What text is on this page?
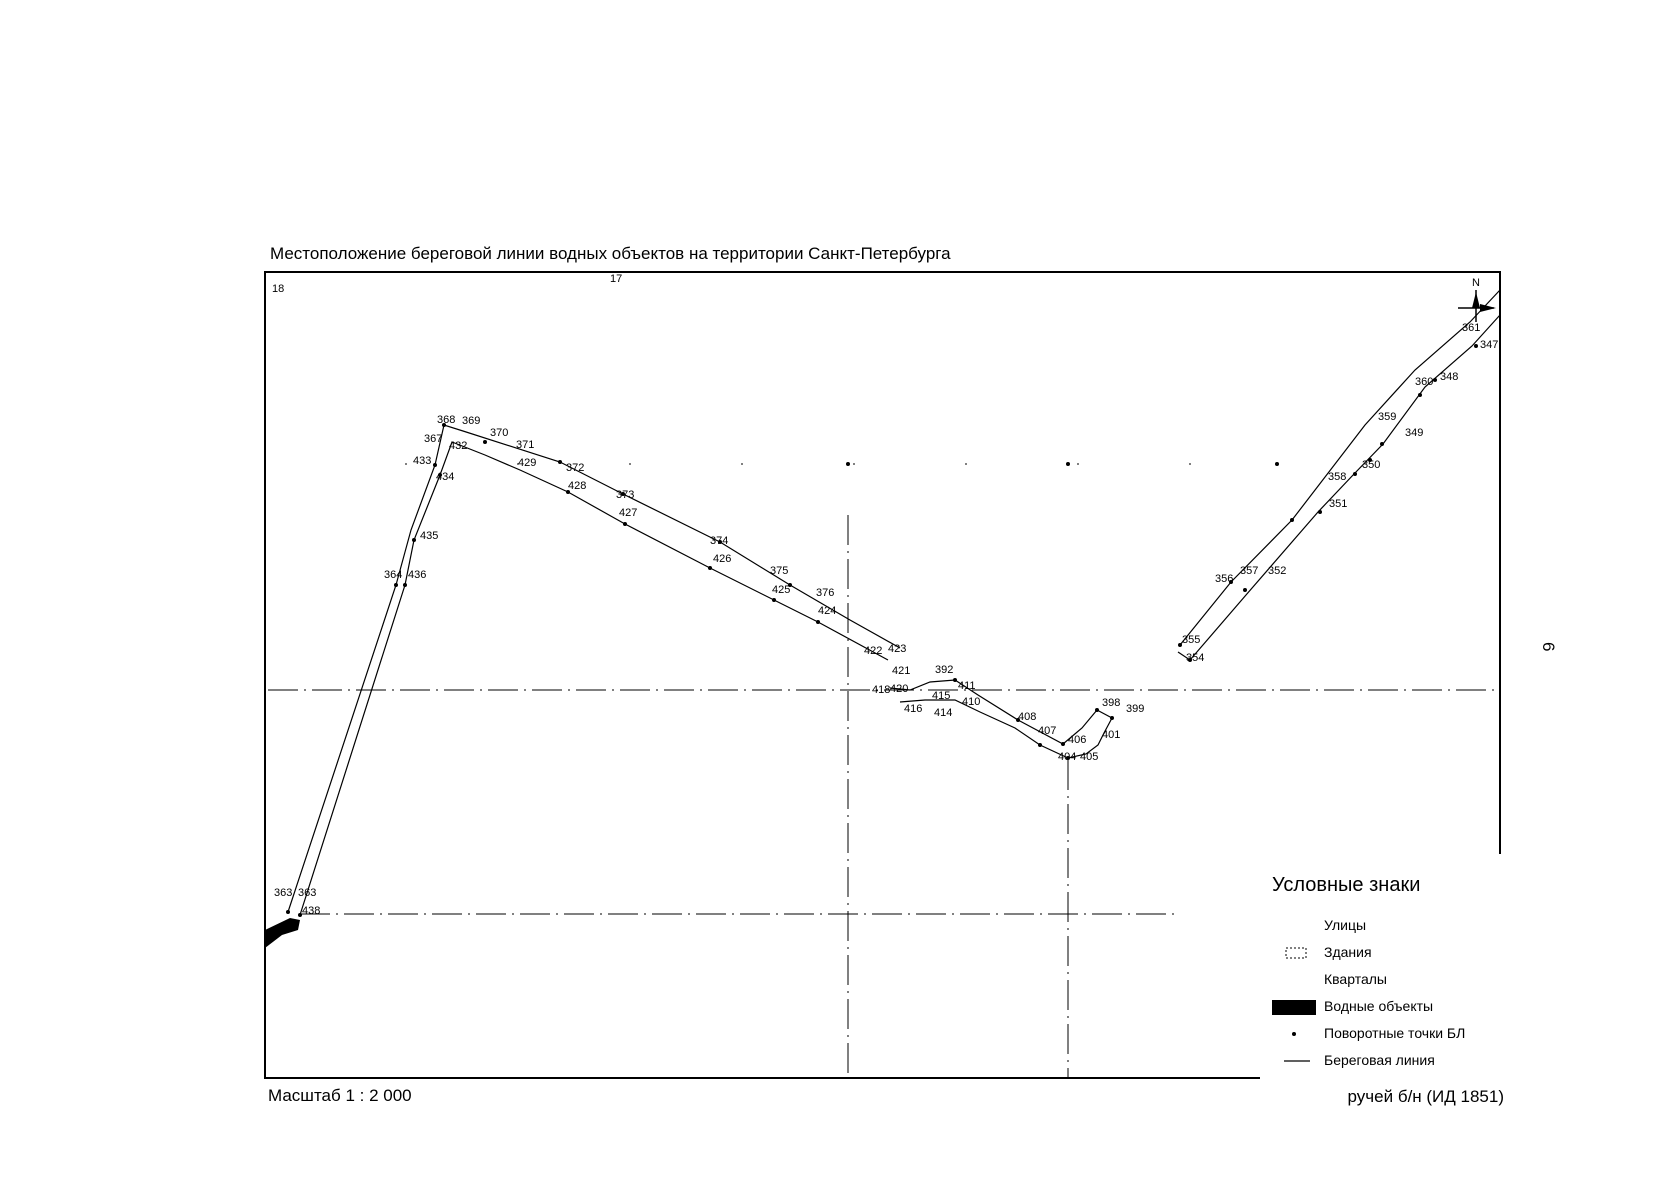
Местоположение береговой линии водных объектов на территории Санкт-Петербурга
361
347
360 348
359
349
358
350
351
356
357 352
355
354
368 369
370
371
367
432
433	429	372
428
434
373
427
435	374
426
364 436	375
425 376
424
422 423
421 392
418 420	411
415 410
416 414	408
407
406
398 399
401
404 405
363 363
438
18
17	N
Условные знаки
Улицы
Здания
Кварталы
Водные объекты
Поворотные точки БЛ
Береговая линия
Масштаб 1 : 2 000	ручей б/н (ИД 1851)
6
